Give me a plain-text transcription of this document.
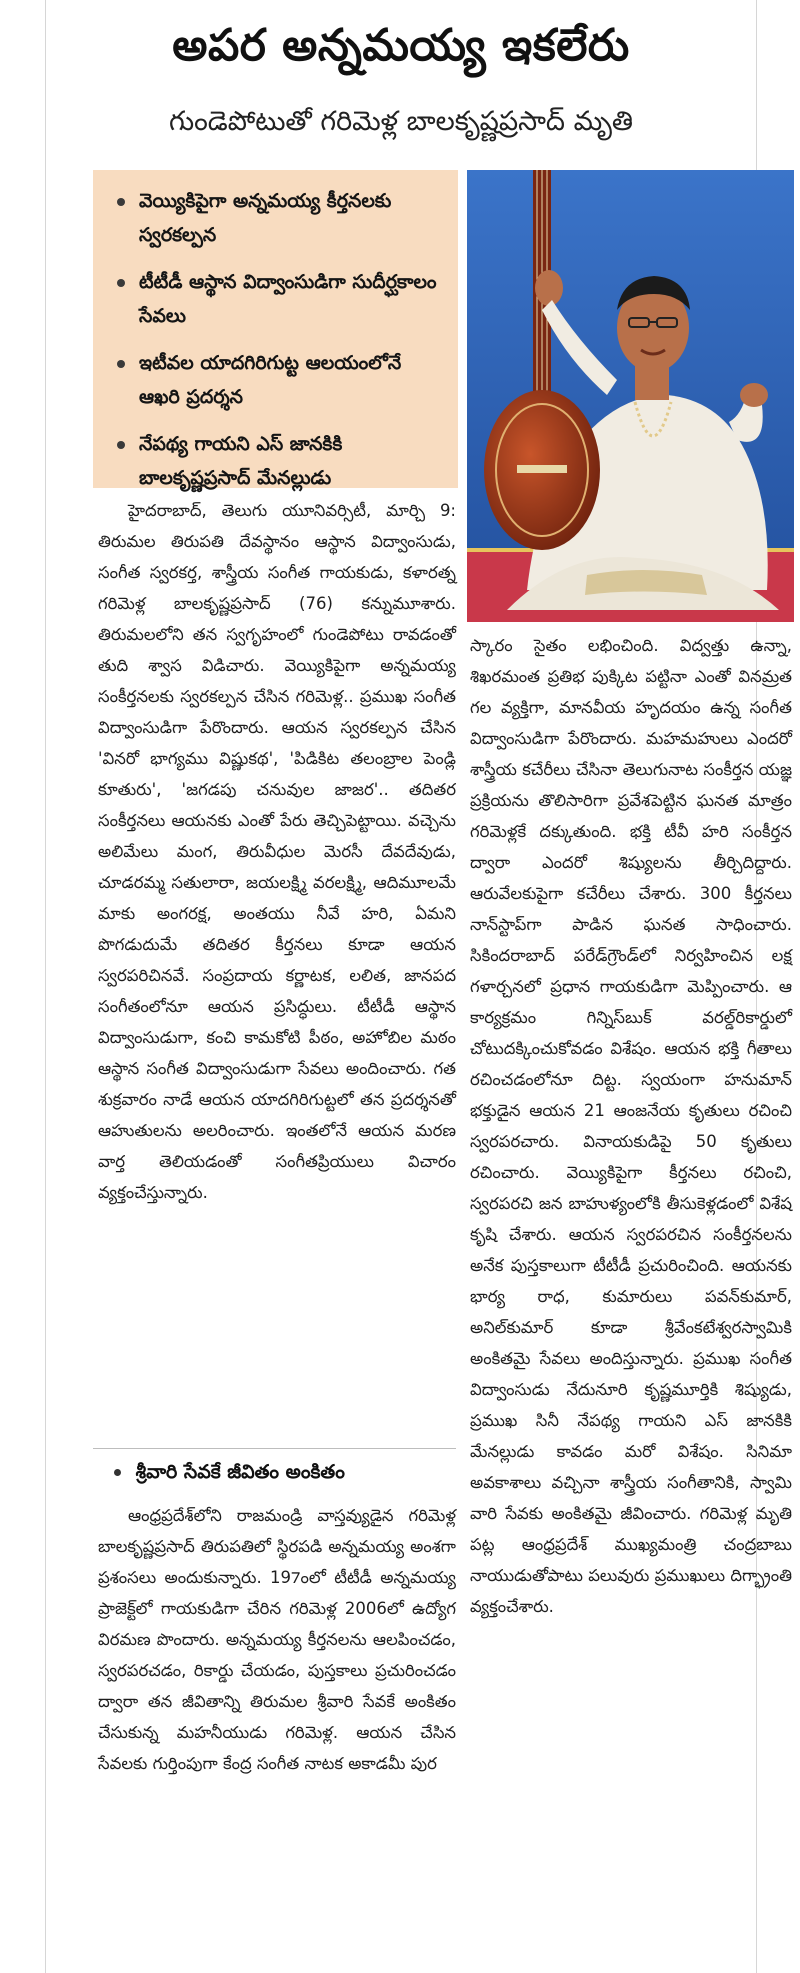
అపర అన్నమయ్య ఇకలేరు
గుండెపోటుతో గరిమెళ్ల బాలకృష్ణప్రసాద్‌ మృతి
వెయ్యికిపైగా అన్నమయ్య కీర్తనలకు స్వరకల్పన
టీటీడీ ఆస్థాన విద్వాంసుడిగా సుదీర్ఘకాలం సేవలు
ఇటీవల యాదగిరిగుట్ట ఆలయంలోనే ఆఖరి ప్రదర్శన
నేపథ్య గాయని ఎస్‌ జానకికి బాలకృష్ణప్రసాద్‌ మేనల్లుడు

హైదరాబాద్‌, తెలుగు యూనివర్సిటీ, మార్చి 9: తిరుమల తిరుపతి దేవస్థానం ఆస్థాన విద్వాంసుడు, సంగీత స్వరకర్త, శాస్త్రీయ సంగీత గాయకుడు, కళారత్న గరిమెళ్ల బాలకృష్ణప్రసాద్‌ (76) కన్నుమూశారు. తిరుమలలోని తన స్వగృహంలో గుండెపోటు రావడంతో తుది శ్వాస విడిచారు. వెయ్యికిపైగా అన్నమయ్య సంకీర్తనలకు స్వరకల్పన చేసిన గరిమెళ్ల.. ప్రముఖ సంగీత విద్వాంసుడిగా పేరొందారు. ఆయన స్వరకల్పన చేసిన 'వినరో భాగ్యము విష్ణుకథ', 'పిడికిట తలంబ్రాల పెండ్లి కూతురు', 'జగడపు చనువుల జాజర'.. తదితర సంకీర్తనలు ఆయనకు ఎంతో పేరు తెచ్చిపెట్టాయి. వచ్చెను అలిమేలు మంగ, తిరువీధుల మెరసీ దేవదేవుడు, చూడరమ్మ సతులారా, జయలక్ష్మి వరలక్ష్మి, ఆదిమూలమే మాకు అంగరక్ష, అంతయు నీవే హరి, ఏమని పొగడుదుమే తదితర కీర్తనలు కూడా ఆయన స్వరపరిచినవే. సంప్రదాయ కర్ణాటక, లలిత, జానపద సంగీతంలోనూ ఆయన ప్రసిద్ధులు. టీటీడీ ఆస్థాన విద్వాంసుడుగా, కంచి కామకోటి పీఠం, అహోబిల మఠం ఆస్థాన సంగీత విద్వాంసుడుగా సేవలు అందించారు. గత శుక్రవారం నాడే ఆయన యాదగిరిగుట్టలో తన ప్రదర్శనతో ఆహుతులను అలరించారు. ఇంతలోనే ఆయన మరణ వార్త తెలియడంతో సంగీతప్రియులు విచారం వ్యక్తంచేస్తున్నారు.

శ్రీవారి సేవకే జీవితం అంకితం

ఆంధ్రప్రదేశ్‌లోని రాజమండ్రి వాస్తవ్యుడైన గరిమెళ్ల బాలకృష్ణప్రసాద్‌ తిరుపతిలో స్థిరపడి అన్నమయ్య అంశగా ప్రశంసలు అందుకున్నారు. 197ంలో టీటీడీ అన్నమయ్య ప్రాజెక్ట్‌లో గాయకుడిగా చేరిన గరిమెళ్ల 2006లో ఉద్యోగ విరమణ పొందారు. అన్నమయ్య కీర్తనలను ఆలపించడం, స్వరపరచడం, రికార్డు చేయడం, పుస్తకాలు ప్రచురించడం ద్వారా తన జీవితాన్ని తిరుమల శ్రీవారి సేవకే అంకితం చేసుకున్న మహనీయుడు గరిమెళ్ల. ఆయన చేసిన సేవలకు గుర్తింపుగా కేంద్ర సంగీత నాటక అకాడమీ పుర

స్కారం సైతం లభించింది. విద్వత్తు ఉన్నా, శిఖరమంత ప్రతిభ పుక్కిట పట్టినా ఎంతో వినమ్రత గల వ్యక్తిగా, మానవీయ హృదయం ఉన్న సంగీత విద్వాంసుడిగా పేరొందారు. మహమహులు ఎందరో శాస్త్రీయ కచేరీలు చేసినా తెలుగునాట సంకీర్తన యజ్ఞ ప్రక్రియను తొలిసారిగా ప్రవేశపెట్టిన ఘనత మాత్రం గరిమెళ్లకే దక్కుతుంది. భక్తి టీవీ హరి సంకీర్తన ద్వారా ఎందరో శిష్యులను తీర్చిదిద్దారు. ఆరువేలకుపైగా కచేరీలు చేశారు. 300 కీర్తనలు నాన్‌స్టాప్‌గా పాడిన ఘనత సాధించారు. సికిందరాబాద్‌ పరేడ్‌గ్రౌండ్‌లో నిర్వహించిన లక్ష గళార్చనలో ప్రధాన గాయకుడిగా మెప్పించారు. ఆ కార్యక్రమం గిన్నిస్‌బుక్‌ వరల్డ్‌రికార్డులో చోటుదక్కించుకోవడం విశేషం. ఆయన భక్తి గీతాలు రచించడంలోనూ దిట్ట. స్వయంగా హనుమాన్‌ భక్తుడైన ఆయన 21 ఆంజనేయ కృతులు రచించి స్వరపరచారు. వినాయకుడిపై 50 కృతులు రచించారు. వెయ్యికిపైగా కీర్తనలు రచించి, స్వరపరచి జన బాహుళ్యంలోకి తీసుకెళ్లడంలో విశేష కృషి చేశారు. ఆయన స్వరపరచిన సంకీర్తనలను అనేక పుస్తకాలుగా టీటీడీ ప్రచురించింది. ఆయనకు భార్య రాధ, కుమారులు పవన్‌కుమార్‌, అనిల్‌కుమార్‌ కూడా శ్రీవేంకటేశ్వరస్వామికి అంకితమై సేవలు అందిస్తున్నారు. ప్రముఖ సంగీత విద్వాంసుడు నేదునూరి కృష్ణమూర్తికి శిష్యుడు, ప్రముఖ సినీ నేపథ్య గాయని ఎస్‌ జానకికి మేనల్లుడు కావడం మరో విశేషం. సినిమా అవకాశాలు వచ్చినా శాస్త్రీయ సంగీతానికి, స్వామి వారి సేవకు అంకితమై జీవించారు. గరిమెళ్ల మృతి పట్ల ఆంధ్రప్రదేశ్‌ ముఖ్యమంత్రి చంద్రబాబు నాయుడుతోపాటు పలువురు ప్రముఖులు దిగ్భ్రాంతి వ్యక్తంచేశారు.
